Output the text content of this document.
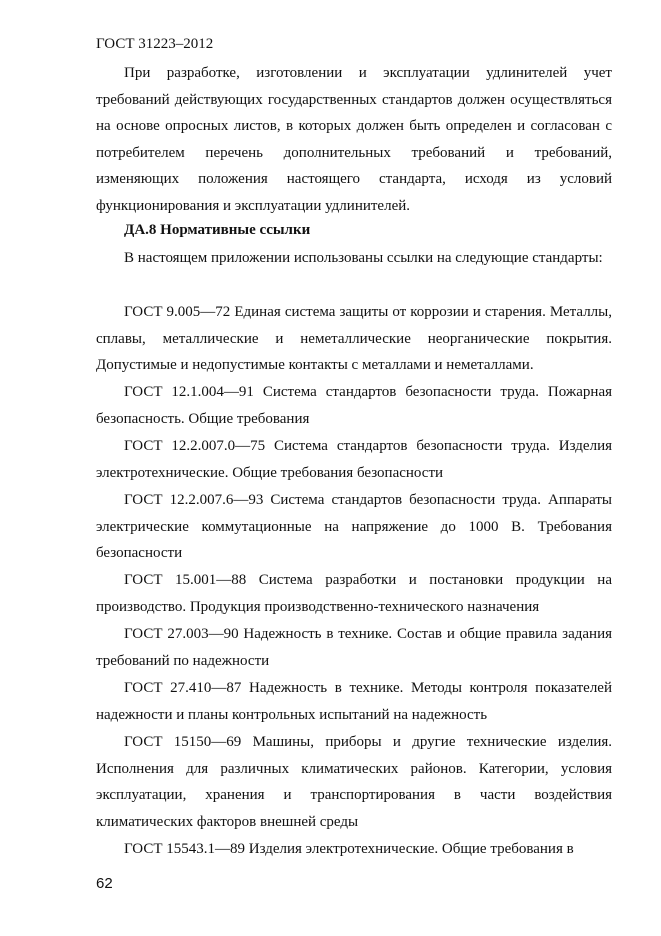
ГОСТ 31223–2012

При разработке, изготовлении и эксплуатации удлинителей учет требований действующих государственных стандартов должен осуществляться на основе опросных листов, в которых должен быть определен и согласован с потребителем перечень дополнительных требований и требований, изменяющих положения настоящего стандарта, исходя из условий функционирования и эксплуатации удлинителей.

ДА.8 Нормативные ссылки

В настоящем приложении использованы ссылки на следующие стандарты:

ГОСТ 9.005—72 Единая система защиты от коррозии и старения. Металлы, сплавы, металлические и неметаллические неорганические покрытия. Допустимые и недопустимые контакты с металлами и неметаллами.

ГОСТ 12.1.004—91 Система стандартов безопасности труда. Пожарная безопасность. Общие требования

ГОСТ 12.2.007.0—75 Система стандартов безопасности труда. Изделия электротехнические. Общие требования безопасности

ГОСТ 12.2.007.6—93 Система стандартов безопасности труда. Аппараты электрические коммутационные на напряжение до 1000 В. Требования безопасности

ГОСТ 15.001—88 Система разработки и постановки продукции на производство. Продукция производственно-технического назначения

ГОСТ 27.003—90 Надежность в технике. Состав и общие правила задания требований по надежности

ГОСТ 27.410—87 Надежность в технике. Методы контроля показателей надежности и планы контрольных испытаний на надежность

ГОСТ 15150—69 Машины, приборы и другие технические изделия. Исполнения для различных климатических районов. Категории, условия эксплуатации, хранения и транспортирования в части воздействия климатических факторов внешней среды

ГОСТ 15543.1—89 Изделия электротехнические. Общие требования в

62
